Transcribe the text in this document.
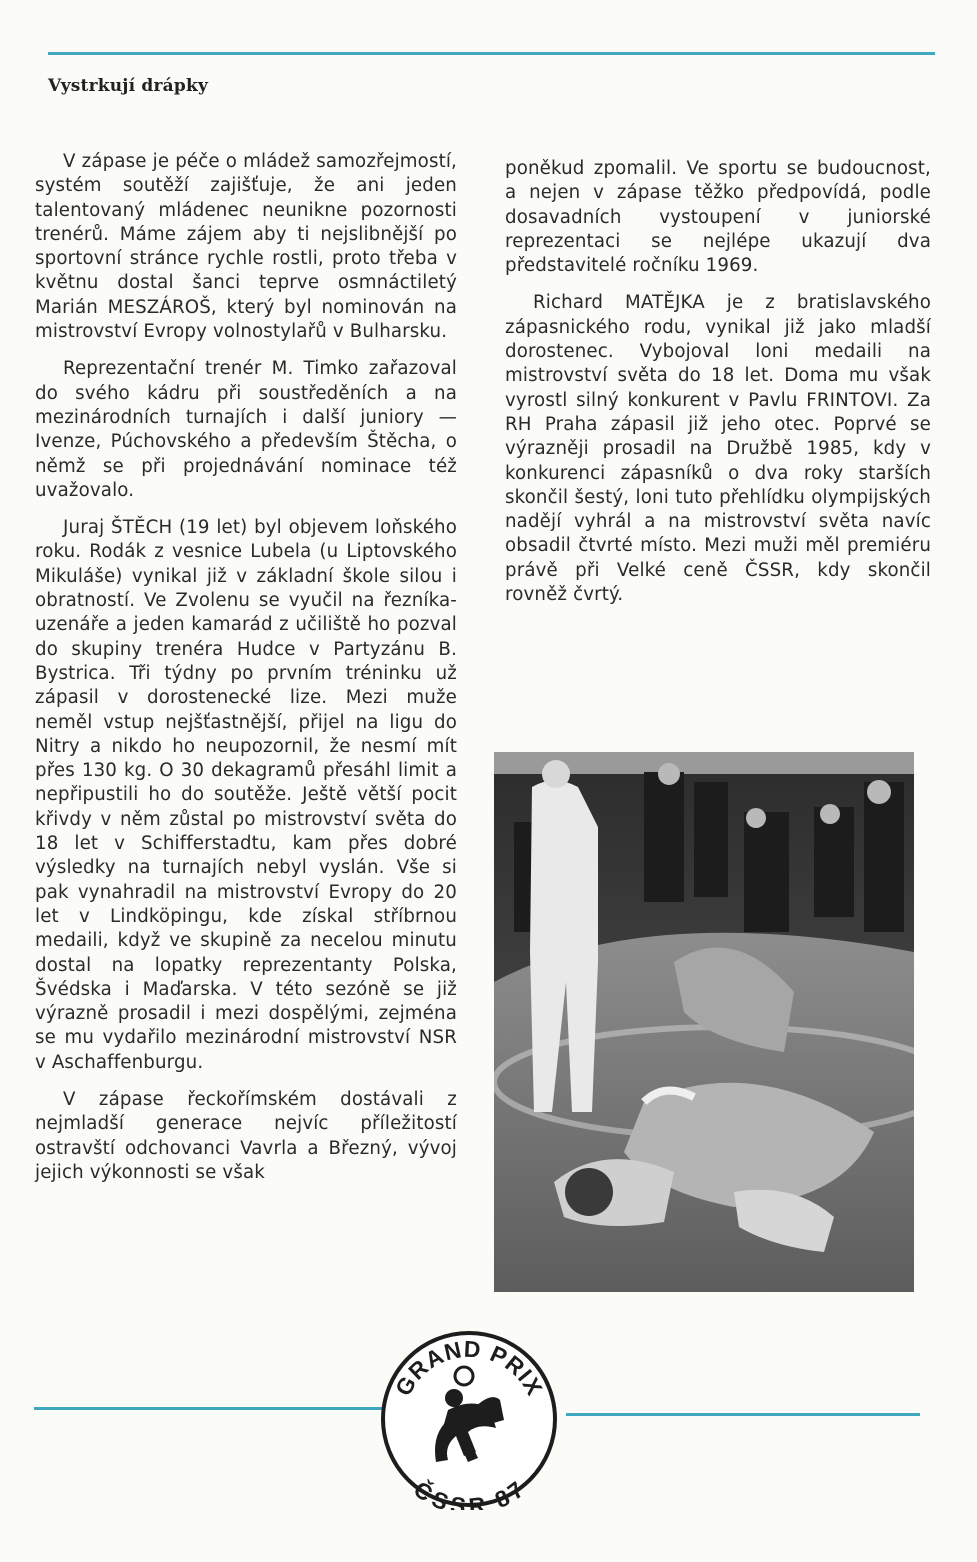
Vystrkují drápky

V zápase je péče o mládež samozřejmostí, systém soutěží zajišťuje, že ani jeden talentovaný mládenec neunikne pozornosti trenérů. Máme zájem aby ti nejslibnější po sportovní stránce rychle rostli, proto třeba v květnu dostal šanci teprve osmnáctiletý Marián MESZÁROŠ, který byl nominován na mistrovství Evropy volnostylařů v Bulharsku.

Reprezentační trenér M. Timko zařazoval do svého kádru při soustředěních a na mezinárodních turnajích i další juniory — Ivenze, Púchovského a především Štěcha, o němž se při projednávání nominace též uvažovalo.

Juraj ŠTĚCH (19 let) byl objevem loňského roku. Rodák z vesnice Lubela (u Liptovského Mikuláše) vynikal již v základní škole silou i obratností. Ve Zvolenu se vyučil na řezníka-uzenáře a jeden kamarád z učiliště ho pozval do skupiny trenéra Hudce v Partyzánu B. Bystrica. Tři týdny po prvním tréninku už zápasil v dorostenecké lize. Mezi muže neměl vstup nejšťastnější, přijel na ligu do Nitry a nikdo ho neupozornil, že nesmí mít přes 130 kg. O 30 dekagramů přesáhl limit a nepřipustili ho do soutěže. Ještě větší pocit křivdy v něm zůstal po mistrovství světa do 18 let v Schifferstadtu, kam přes dobré výsledky na turnajích nebyl vyslán. Vše si pak vynahradil na mistrovství Evropy do 20 let v Lindköpingu, kde získal stříbrnou medaili, když ve skupině za necelou minutu dostal na lopatky reprezentanty Polska, Švédska i Maďarska. V této sezóně se již výrazně prosadil i mezi dospělými, zejména se mu vydařilo mezinárodní mistrovství NSR v Aschaffenburgu.

V zápase řeckořímském dostávali z nejmladší generace nejvíc příležitostí ostravští odchovanci Vavrla a Březný, vývoj jejich výkonnosti se však

poněkud zpomalil. Ve sportu se budoucnost, a nejen v zápase těžko předpovídá, podle dosavadních vystoupení v juniorské reprezentaci se nejlépe ukazují dva představitelé ročníku 1969.

Richard MATĚJKA je z bratislavského zápasnického rodu, vynikal již jako mladší dorostenec. Vybojoval loni medaili na mistrovství světa do 18 let. Doma mu však vyrostl silný konkurent v Pavlu FRINTOVI. Za RH Praha zápasil již jeho otec. Poprvé se výrazněji prosadil na Družbě 1985, kdy v konkurenci zápasníků o dva roky starších skončil šestý, loni tuto přehlídku olympijských nadějí vyhrál a na mistrovství světa navíc obsadil čtvrté místo. Mezi muži měl premiéru právě při Velké ceně ČSSR, kdy skončil rovněž čvrtý.

GRAND PRIX
ČSSR 87
